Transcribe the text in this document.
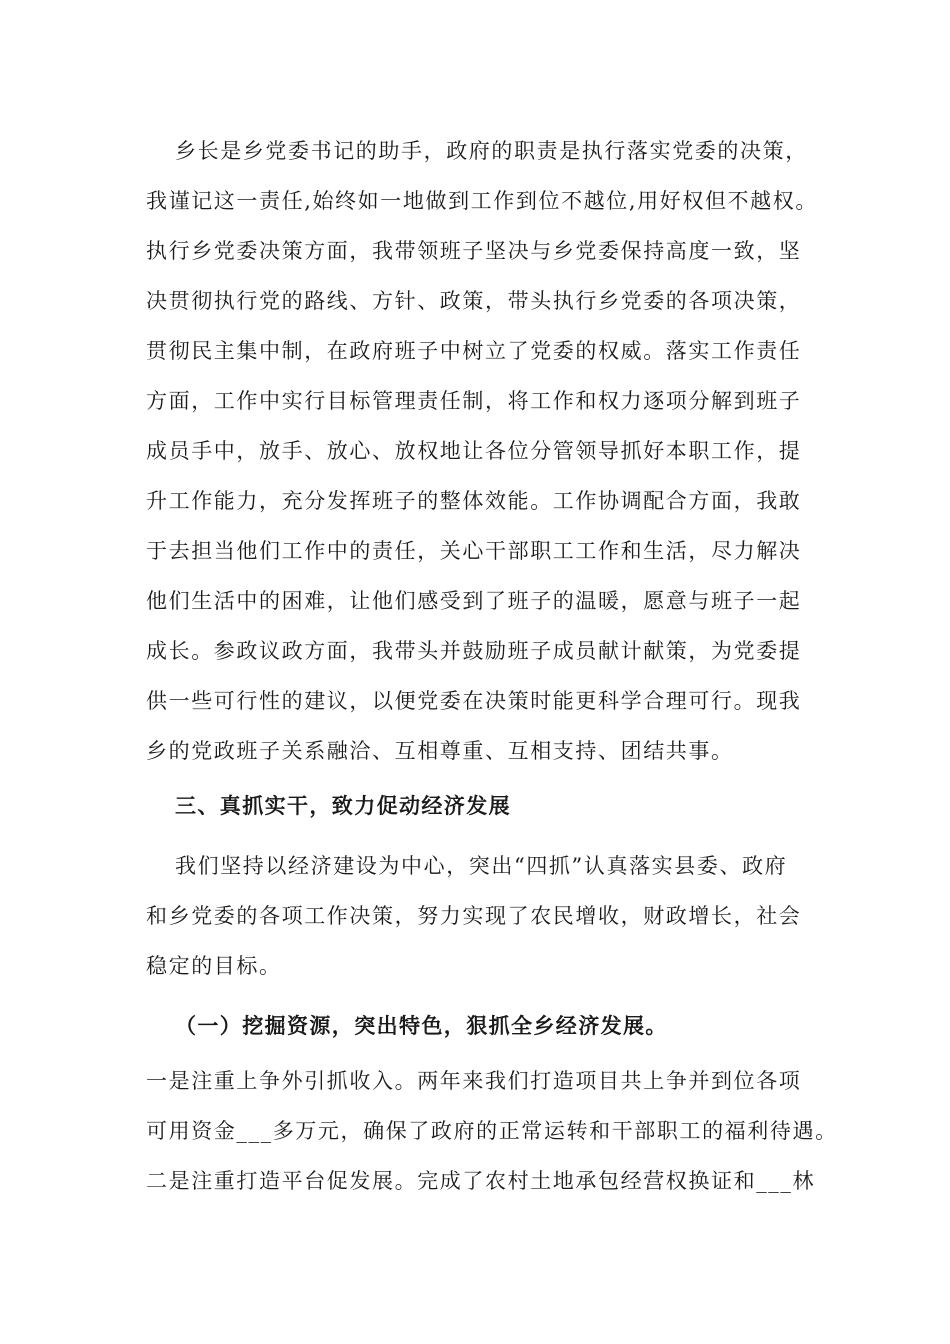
乡长是乡党委书记的助手，政府的职责是执行落实党委的决策，
我谨记这一责任,始终如一地做到工作到位不越位,用好权但不越权。
执行乡党委决策方面，我带领班子坚决与乡党委保持高度一致，坚
决贯彻执行党的路线、方针、政策，带头执行乡党委的各项决策，
贯彻民主集中制，在政府班子中树立了党委的权威。落实工作责任
方面，工作中实行目标管理责任制，将工作和权力逐项分解到班子
成员手中，放手、放心、放权地让各位分管领导抓好本职工作，提
升工作能力，充分发挥班子的整体效能。工作协调配合方面，我敢
于去担当他们工作中的责任，关心干部职工工作和生活，尽力解决
他们生活中的困难，让他们感受到了班子的温暖，愿意与班子一起
成长。参政议政方面，我带头并鼓励班子成员献计献策，为党委提
供一些可行性的建议，以便党委在决策时能更科学合理可行。现我
乡的党政班子关系融洽、互相尊重、互相支持、团结共事。
三、真抓实干，致力促动经济发展
我们坚持以经济建设为中心，突出“四抓”认真落实县委、政府
和乡党委的各项工作决策，努力实现了农民增收，财政增长，社会
稳定的目标。
（一）挖掘资源，突出特色，狠抓全乡经济发展。
一是注重上争外引抓收入。两年来我们打造项目共上争并到位各项
可用资金___多万元，确保了政府的正常运转和干部职工的福利待遇。
二是注重打造平台促发展。完成了农村土地承包经营权换证和___林
